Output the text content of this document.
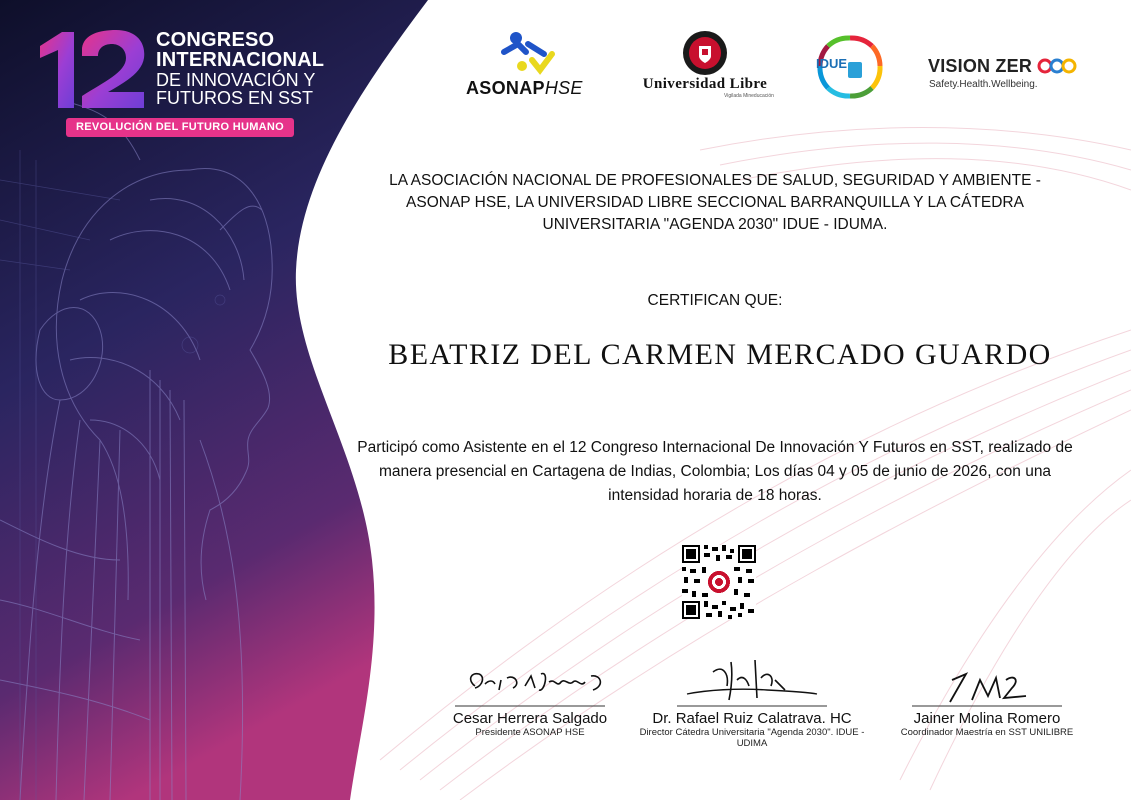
CONGRESO
INTERNACIONAL
DE INNOVACIÓN Y
FUTUROS EN SST
REVOLUCIÓN DEL FUTURO HUMANO
ASONAPHSE	Universidad Libre
Vigilada Mineducación
IDUE	VISION ZER
Safety.Health.Wellbeing.

LA ASOCIACIÓN NACIONAL DE PROFESIONALES DE SALUD, SEGURIDAD Y AMBIENTE - ASONAP HSE, LA UNIVERSIDAD LIBRE SECCIONAL BARRANQUILLA Y LA CÁTEDRA UNIVERSITARIA "AGENDA 2030" IDUE - IDUMA.

CERTIFICAN QUE:

BEATRIZ DEL CARMEN MERCADO GUARDO

Participó como Asistente en el 12 Congreso Internacional De Innovación Y Futuros en SST, realizado de manera presencial en Cartagena de Indias, Colombia; Los días 04 y 05 de junio de 2026, con una intensidad horaria de 18 horas.

Cesar Herrera Salgado
Presidente ASONAP HSE
Dr. Rafael Ruiz Calatrava. HC
Director Cátedra Universitaria "Agenda 2030". IDUE - UDIMA
Jainer Molina Romero
Coordinador Maestría en SST UNILIBRE
